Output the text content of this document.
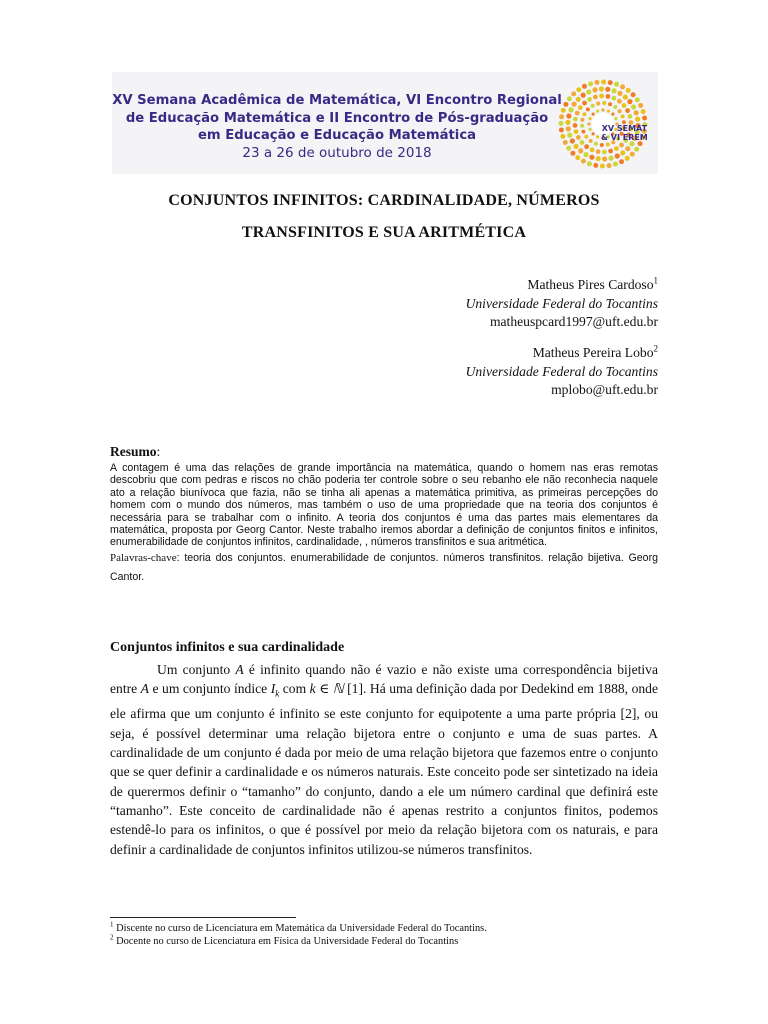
XV Semana Acadêmica de Matemática, VI Encontro Regional
de Educação Matemática e II Encontro de Pós-graduação
em Educação e Educação Matemática
23 a 26 de outubro de 2018
XV SEMAT
& VI EREM
CONJUNTOS INFINITOS: CARDINALIDADE, NÚMEROS
TRANSFINITOS E SUA ARITMÉTICA
Matheus Pires Cardoso$^1$
Universidade Federal do Tocantins
matheuspcard1997@uft.edu.br
Matheus Pereira Lobo$^2$
Universidade Federal do Tocantins
mplobo@uft.edu.br
Resumo:
A contagem é uma das relações de grande importância na matemática, quando o homem nas eras remotas descobriu que com pedras e riscos no chão poderia ter controle sobre o seu rebanho ele não reconhecia naquele ato a relação biunívoca que fazia, não se tinha ali apenas a matemática primitiva, as primeiras percepções do homem com o mundo dos números, mas também o uso de uma propriedade que na teoria dos conjuntos é necessária para se trabalhar com o infinito. A teoria dos conjuntos é uma das partes mais elementares da matemática, proposta por Georg Cantor. Neste trabalho iremos abordar a definição de conjuntos finitos e infinitos, enumerabilidade de conjuntos infinitos, cardinalidade, , números transfinitos e sua aritmética.
Palavras-chave: teoria dos conjuntos. enumerabilidade de conjuntos. números transfinitos. relação bijetiva. Georg Cantor.
Conjuntos infinitos e sua cardinalidade

Um conjunto A é infinito quando não é vazio e não existe uma correspondência bijetiva entre A e um conjunto índice $I_k$ com k ∈ ℕ [1]. Há uma definição dada por Dedekind em 1888, onde ele afirma que um conjunto é infinito se este conjunto for equipotente a uma parte própria [2], ou seja, é possível determinar uma relação bijetora entre o conjunto e uma de suas partes. A cardinalidade de um conjunto é dada por meio de uma relação bijetora que fazemos entre o conjunto que se quer definir a cardinalidade e os números naturais. Este conceito pode ser sintetizado na ideia de querermos definir o “tamanho” do conjunto, dando a ele um número cardinal que definirá este “tamanho”. Este conceito de cardinalidade não é apenas restrito a conjuntos finitos, podemos estendê-lo para os infinitos, o que é possível por meio da relação bijetora com os naturais, e para definir a cardinalidade de conjuntos infinitos utilizou-se números transfinitos.

$^1$ Discente no curso de Licenciatura em Matemática da Universidade Federal do Tocantins.
$^2$ Docente no curso de Licenciatura em Física da Universidade Federal do Tocantins
